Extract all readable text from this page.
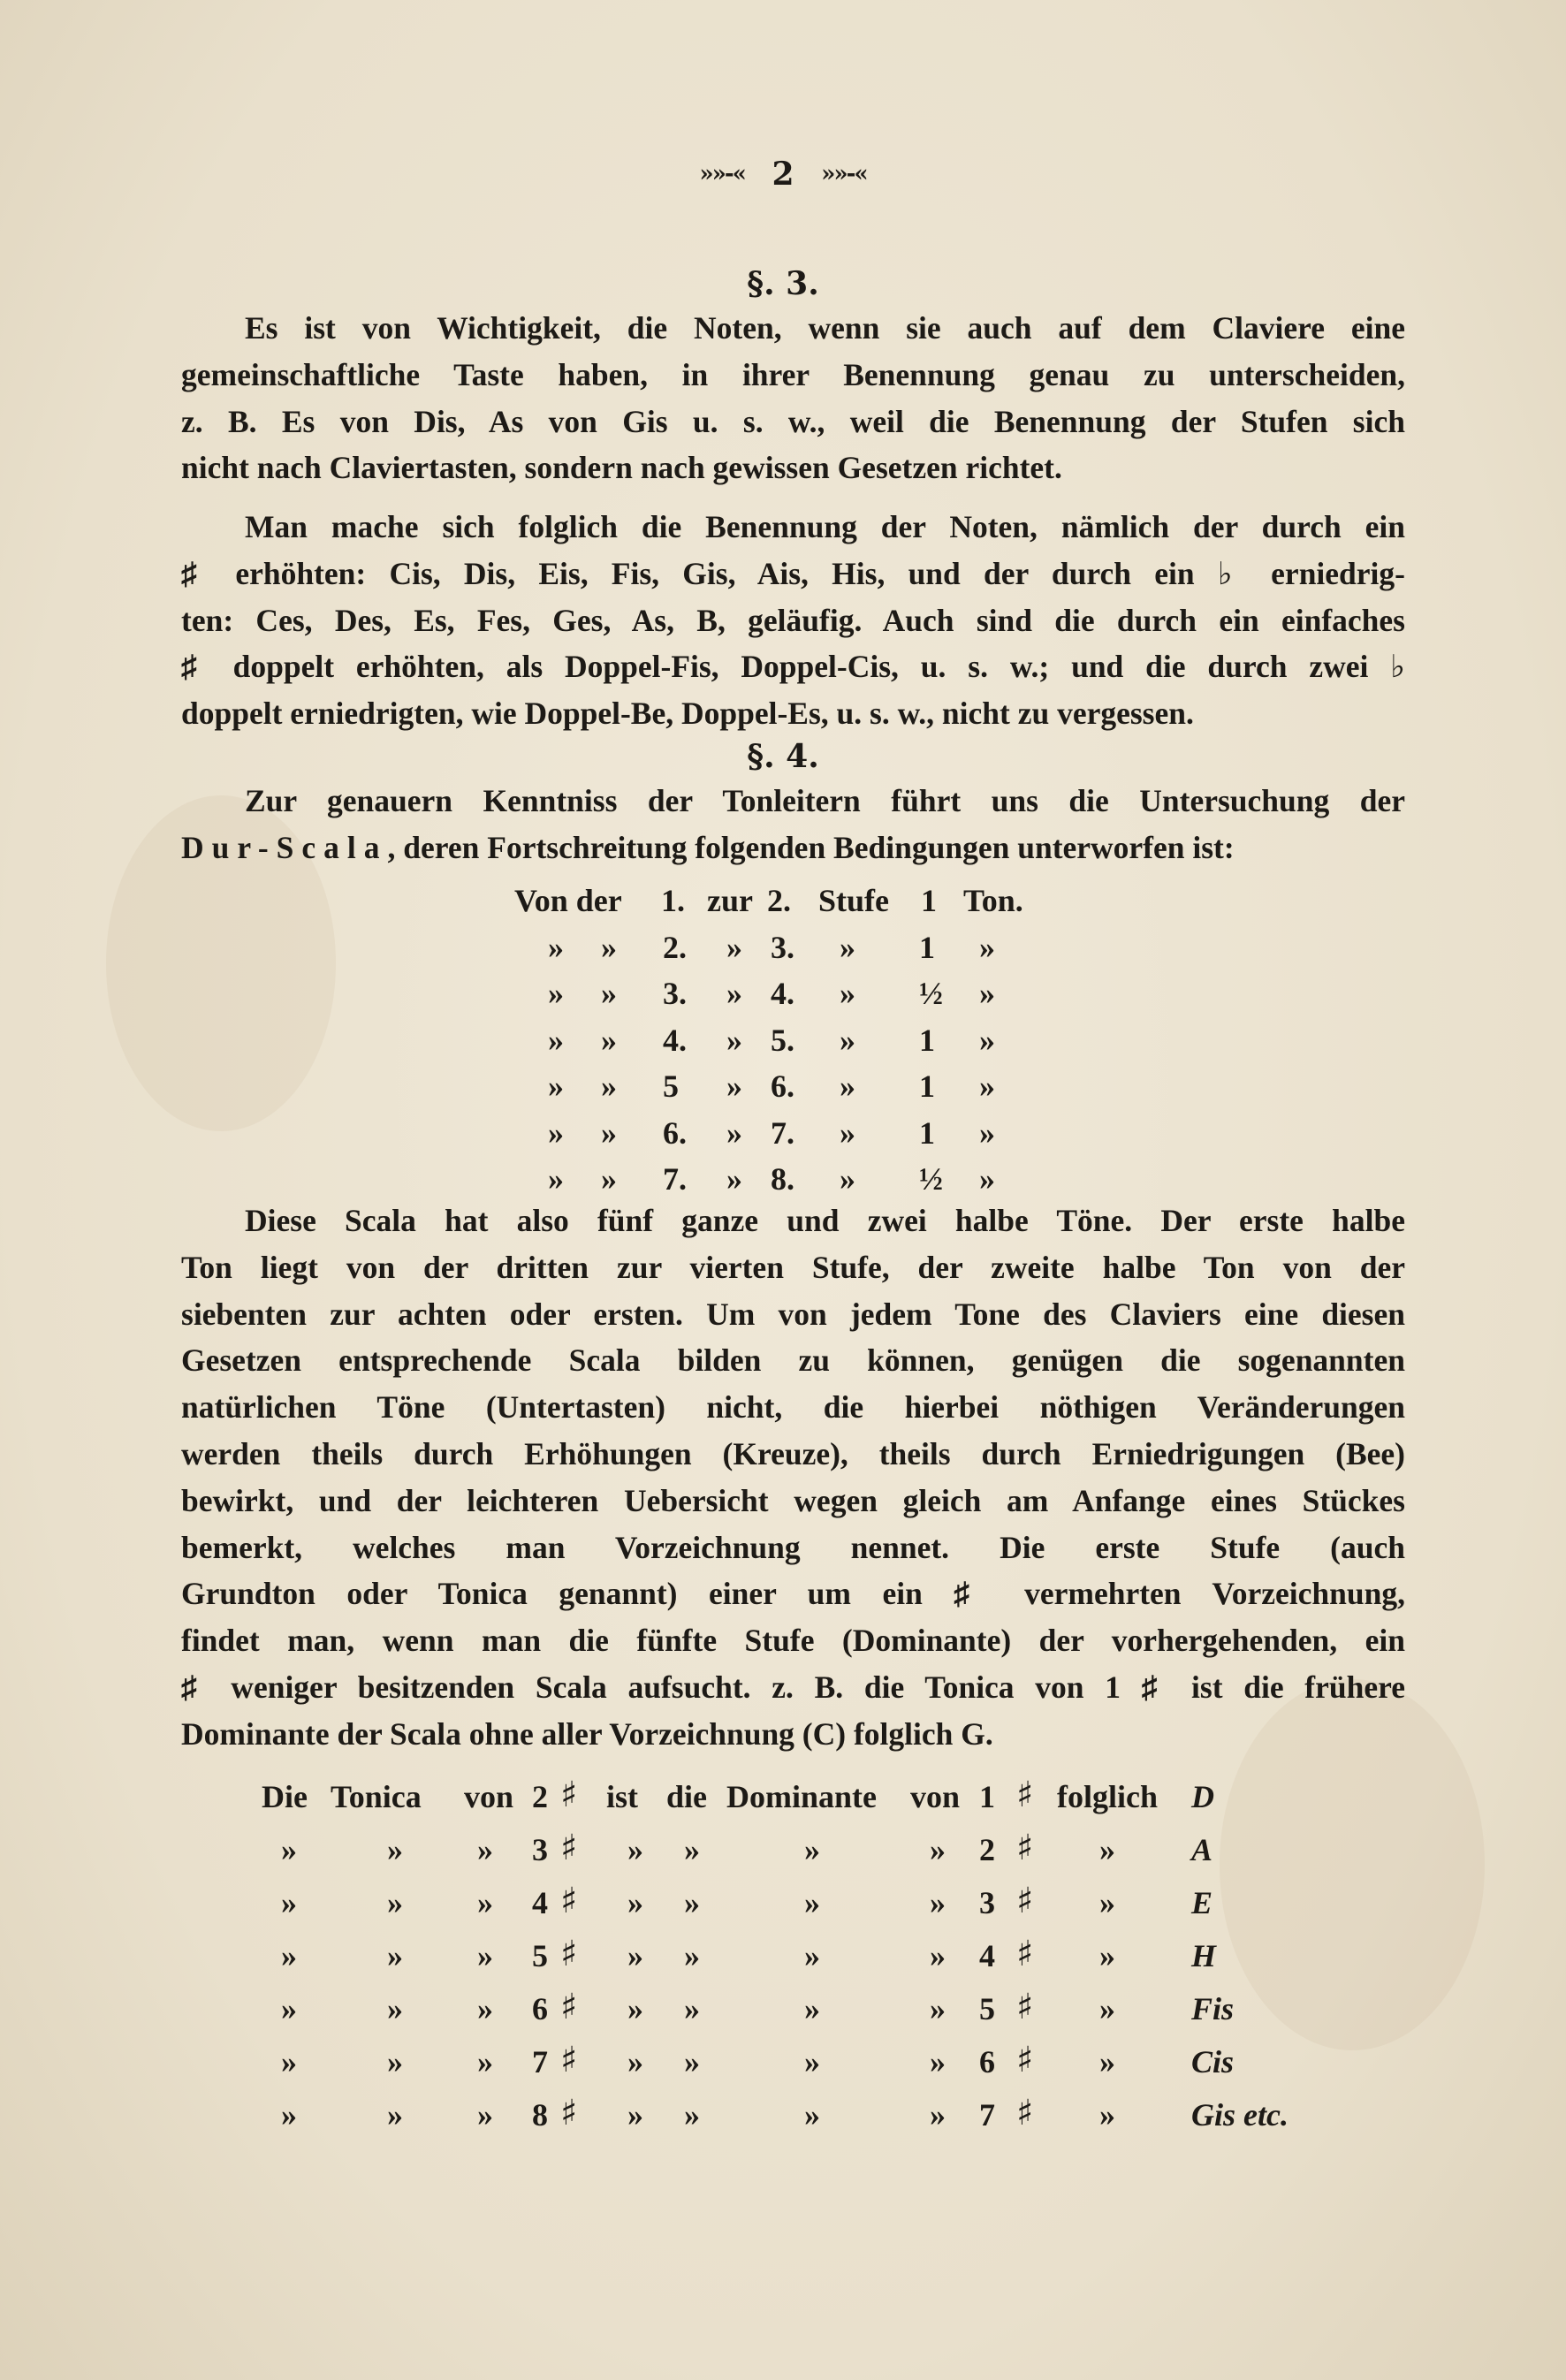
»»-« 2 »»-«
§. 3.
Es ist von Wichtigkeit, die Noten, wenn sie auch auf dem Claviere eine
gemeinschaftliche Taste haben, in ihrer Benennung genau zu unterscheiden,
z. B. Es von Dis, As von Gis u. s. w., weil die Benennung der Stufen sich
nicht nach Claviertasten, sondern nach gewissen Gesetzen richtet.
Man mache sich folglich die Benennung der Noten, nämlich der durch ein
♯ erhöhten: Cis, Dis, Eis, Fis, Gis, Ais, His, und der durch ein ♭ erniedrig-
ten: Ces, Des, Es, Fes, Ges, As, B, geläufig. Auch sind die durch ein einfaches
♯ doppelt erhöhten, als Doppel-Fis, Doppel-Cis, u. s. w.; und die durch zwei ♭
doppelt erniedrigten, wie Doppel-Be, Doppel-Es, u. s. w., nicht zu vergessen.
§. 4.
Zur genauern Kenntniss der Tonleitern führt uns die Untersuchung der
Dur-Scala, deren Fortschreitung folgenden Bedingungen unterworfen ist:
Von der 1. zur 2. Stufe 1 Ton.
» » 2. » 3. » 1 »
» » 3. » 4. » ½ »
» » 4. » 5. » 1 »
» » 5 » 6. » 1 »
» » 6. » 7. » 1 »
» » 7. » 8. » ½ »
Diese Scala hat also fünf ganze und zwei halbe Töne. Der erste halbe
Ton liegt von der dritten zur vierten Stufe, der zweite halbe Ton von der
siebenten zur achten oder ersten. Um von jedem Tone des Claviers eine diesen
Gesetzen entsprechende Scala bilden zu können, genügen die sogenannten
natürlichen Töne (Untertasten) nicht, die hierbei nöthigen Veränderungen
werden theils durch Erhöhungen (Kreuze), theils durch Erniedrigungen (Bee)
bewirkt, und der leichteren Uebersicht wegen gleich am Anfange eines Stückes
bemerkt, welches man Vorzeichnung nennet. Die erste Stufe (auch
Grundton oder Tonica genannt) einer um ein ♯ vermehrten Vorzeichnung,
findet man, wenn man die fünfte Stufe (Dominante) der vorhergehenden, ein
♯ weniger besitzenden Scala aufsucht. z. B. die Tonica von 1 ♯ ist die frühere
Dominante der Scala ohne aller Vorzeichnung (C) folglich G.
Die Tonica von 2 ♯ ist die Dominante von 1 ♯ folglich D
»	» » 3 ♯ » »	»	» 2 ♯ » A
»	» » 4 ♯ » »	»	» 3 ♯ » E
»	» » 5 ♯ » »	»	» 4 ♯ » H
»	» » 6 ♯ » »	»	» 5 ♯ » Fis
»	» » 7 ♯ » »	»	» 6 ♯ » Cis
»	» » 8 ♯ » »	»	» 7 ♯ » Gis etc.
